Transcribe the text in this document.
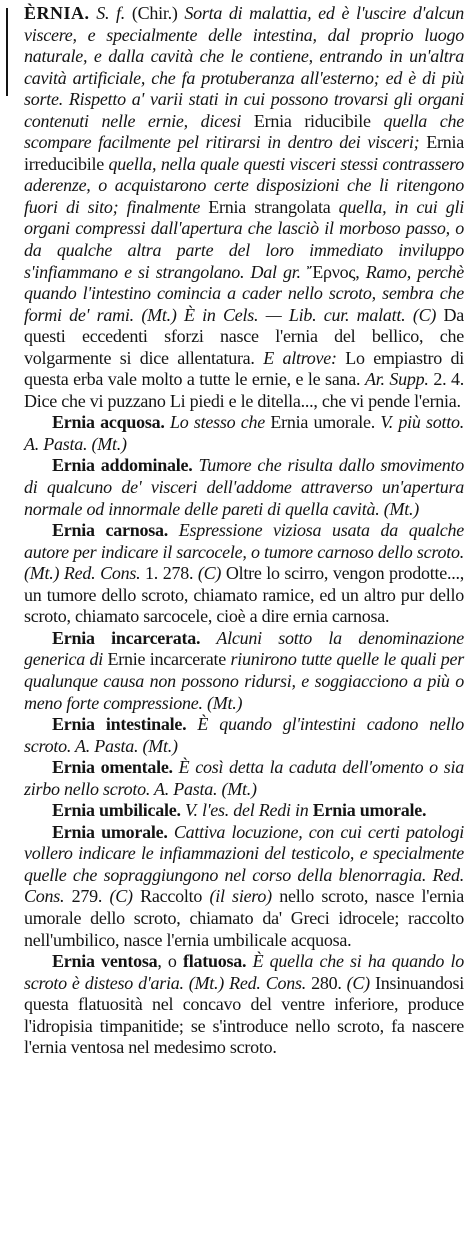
ÈRNIA. S. f. (Chir.) Sorta di malattia, ed è l'uscire d'alcun viscere, e specialmente delle intestina, dal proprio luogo naturale, e dalla cavità che le contiene, entrando in un'altra cavità artificiale, che fa protuberanza all'esterno; ed è di più sorte. Rispetto a' varii stati in cui possono trovarsi gli organi contenuti nelle ernie, dicesi Ernia riducibile quella che scompare facilmente pel ritirarsi in dentro dei visceri; Ernia irreducibile quella, nella quale questi visceri stessi contrassero aderenze, o acquistarono certe disposizioni che li ritengono fuori di sito; finalmente Ernia strangolata quella, in cui gli organi compressi dall'apertura che lasciò il morboso passo, o da qualche altra parte del loro immediato inviluppo s'infiammano e si strangolano. Dal gr. Ἔρνος, Ramo, perchè quando l'intestino comincia a cader nello scroto, sembra che formi de' rami. (Mt.) È in Cels. — Lib. cur. malatt. (C) Da questi eccedenti sforzi nasce l'ernia del bellico, che volgarmente si dice allentatura. E altrove: Lo empiastro di questa erba vale molto a tutte le ernie, e le sana. Ar. Supp. 2. 4. Dice che vi puzzano Li piedi e le ditella..., che vi pende l'ernia.

Ernia acquosa. Lo stesso che Ernia umorale. V. più sotto. A. Pasta. (Mt.)

Ernia addominale. Tumore che risulta dallo smovimento di qualcuno de' visceri dell'addome attraverso un'apertura normale od innormale delle pareti di quella cavità. (Mt.)

Ernia carnosa. Espressione viziosa usata da qualche autore per indicare il sarcocele, o tumore carnoso dello scroto. (Mt.) Red. Cons. 1. 278. (C) Oltre lo scirro, vengon prodotte..., un tumore dello scroto, chiamato ramice, ed un altro pur dello scroto, chiamato sarcocele, cioè a dire ernia carnosa.

Ernia incarcerata. Alcuni sotto la denominazione generica di Ernie incarcerate riunirono tutte quelle le quali per qualunque causa non possono ridursi, e soggiacciono a più o meno forte compressione. (Mt.)

Ernia intestinale. È quando gl'intestini cadono nello scroto. A. Pasta. (Mt.)

Ernia omentale. È così detta la caduta dell'omento o sia zirbo nello scroto. A. Pasta. (Mt.)

Ernia umbilicale. V. l'es. del Redi in Ernia umorale.

Ernia umorale. Cattiva locuzione, con cui certi patologi vollero indicare le infiammazioni del testicolo, e specialmente quelle che sopraggiungono nel corso della blenorragia. Red. Cons. 279. (C) Raccolto (il siero) nello scroto, nasce l'ernia umorale dello scroto, chiamato da' Greci idrocele; raccolto nell'umbilico, nasce l'ernia umbilicale acquosa.

Ernia ventosa, o flatuosa. È quella che si ha quando lo scroto è disteso d'aria. (Mt.) Red. Cons. 280. (C) Insinuandosi questa flatuosità nel concavo del ventre inferiore, produce l'idropisia timpanitide; se s'introduce nello scroto, fa nascere l'ernia ventosa nel medesimo scroto.
